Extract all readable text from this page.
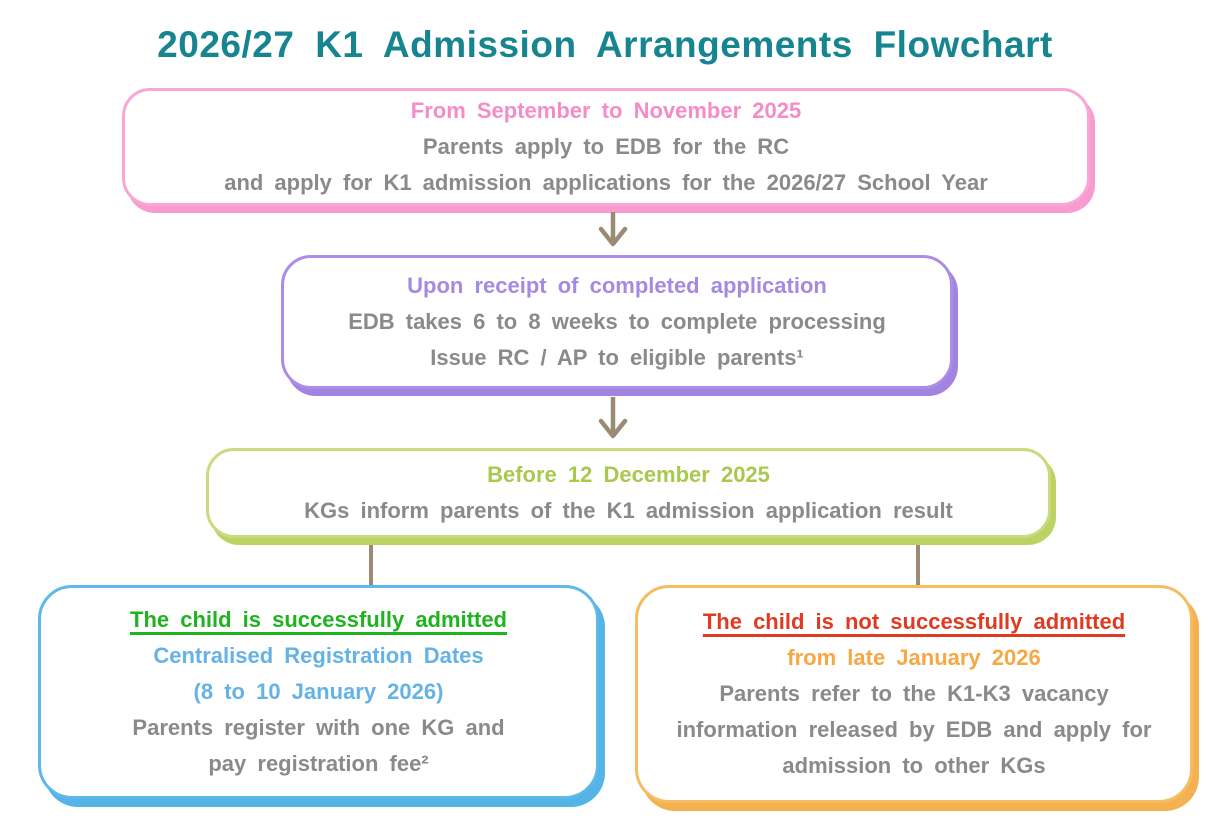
2026/27 K1 Admission Arrangements Flowchart
From September to November 2025
Parents apply to EDB for the RC
and apply for K1 admission applications for the 2026/27 School Year
Upon receipt of completed application
EDB takes 6 to 8 weeks to complete processing
Issue RC / AP to eligible parents¹
Before 12 December 2025
KGs inform parents of the K1 admission application result
The child is successfully admitted
Centralised Registration Dates
(8 to 10 January 2026)
Parents register with one KG and
pay registration fee²
The child is not successfully admitted
from late January 2026
Parents refer to the K1-K3 vacancy
information released by EDB and apply for
admission to other KGs
